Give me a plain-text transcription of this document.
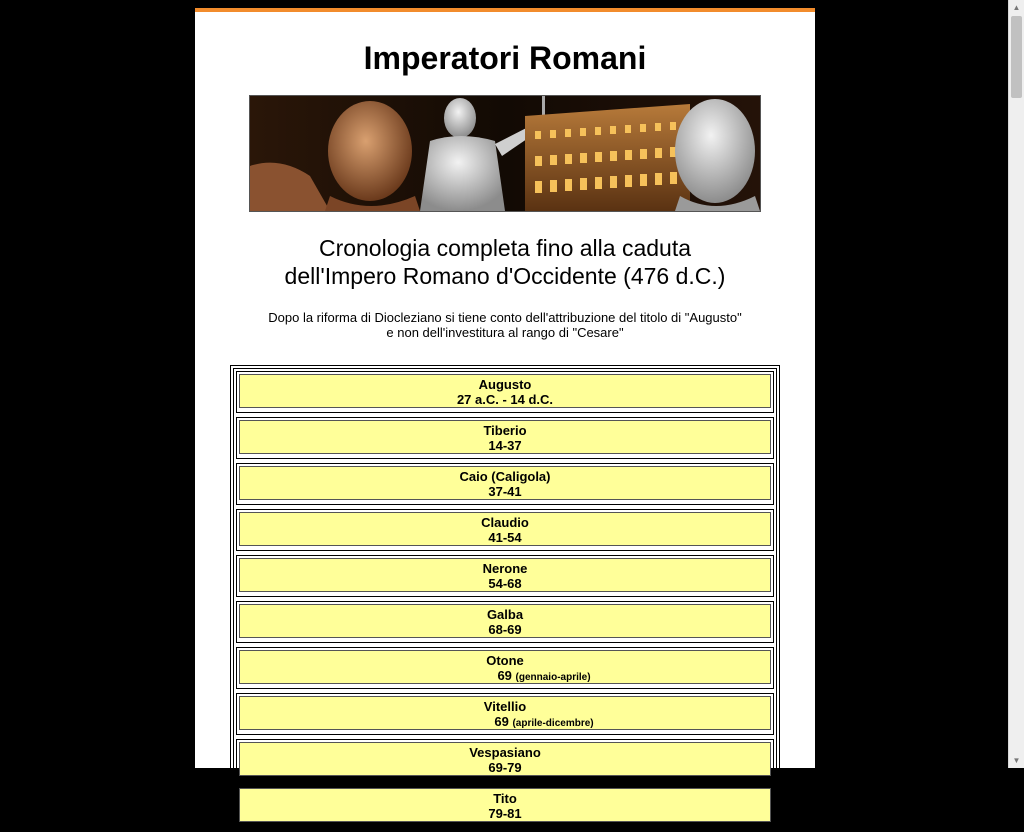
Imperatori Romani
Cronologia completa fino alla caduta
dell'Impero Romano d'Occidente (476 d.C.)
Dopo la riforma di Diocleziano si tiene conto dell'attribuzione del titolo di "Augusto"
e non dell'investitura al rango di "Cesare"
Augusto
27 a.C. - 14 d.C.
Tiberio
14-37
Caio (Caligola)
37-41
Claudio
41-54
Nerone
54-68
Galba
68-69
Otone
69 (gennaio-aprile)
Vitellio
69 (aprile-dicembre)
Vespasiano
69-79
Tito
79-81
▲
▼
